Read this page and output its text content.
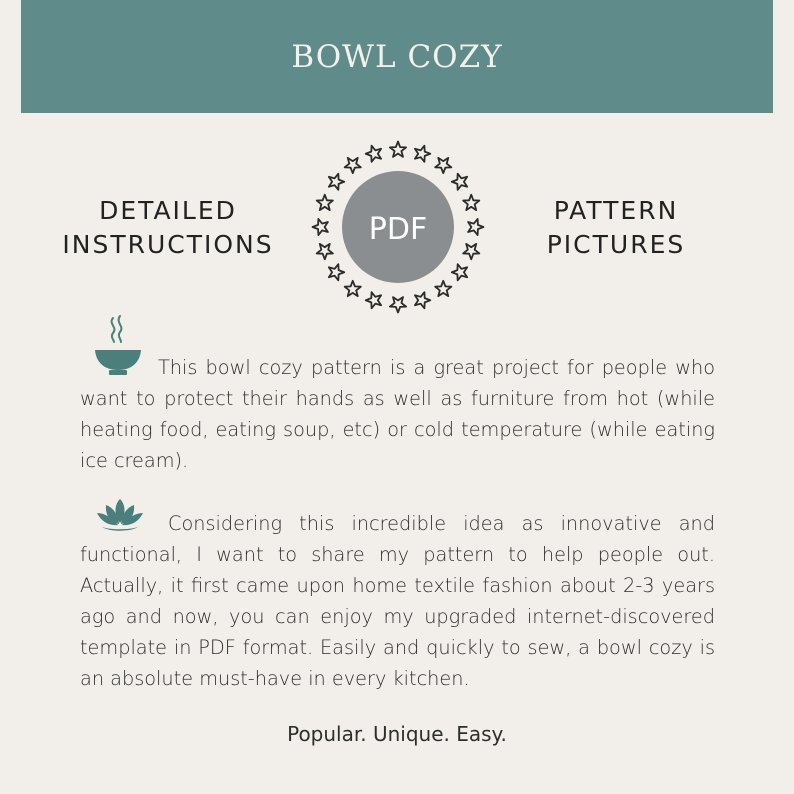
BOWL COZY
DETAILED
INSTRUCTIONS
PATTERN
PICTURES
PDF
This bowl cozy pattern is a great project for people who want to protect their hands as well as furniture from hot (while heating food, eating soup, etc) or cold temperature (while eating ice cream).
Considering this incredible idea as innovative and functional, I want to share my pattern to help people out. Actually, it first came upon home textile fashion about 2-3 years ago and now, you can enjoy my upgraded internet-discovered template in PDF format. Easily and quickly to sew, a bowl cozy is an absolute must-have in every kitchen.
Popular. Unique. Easy.
